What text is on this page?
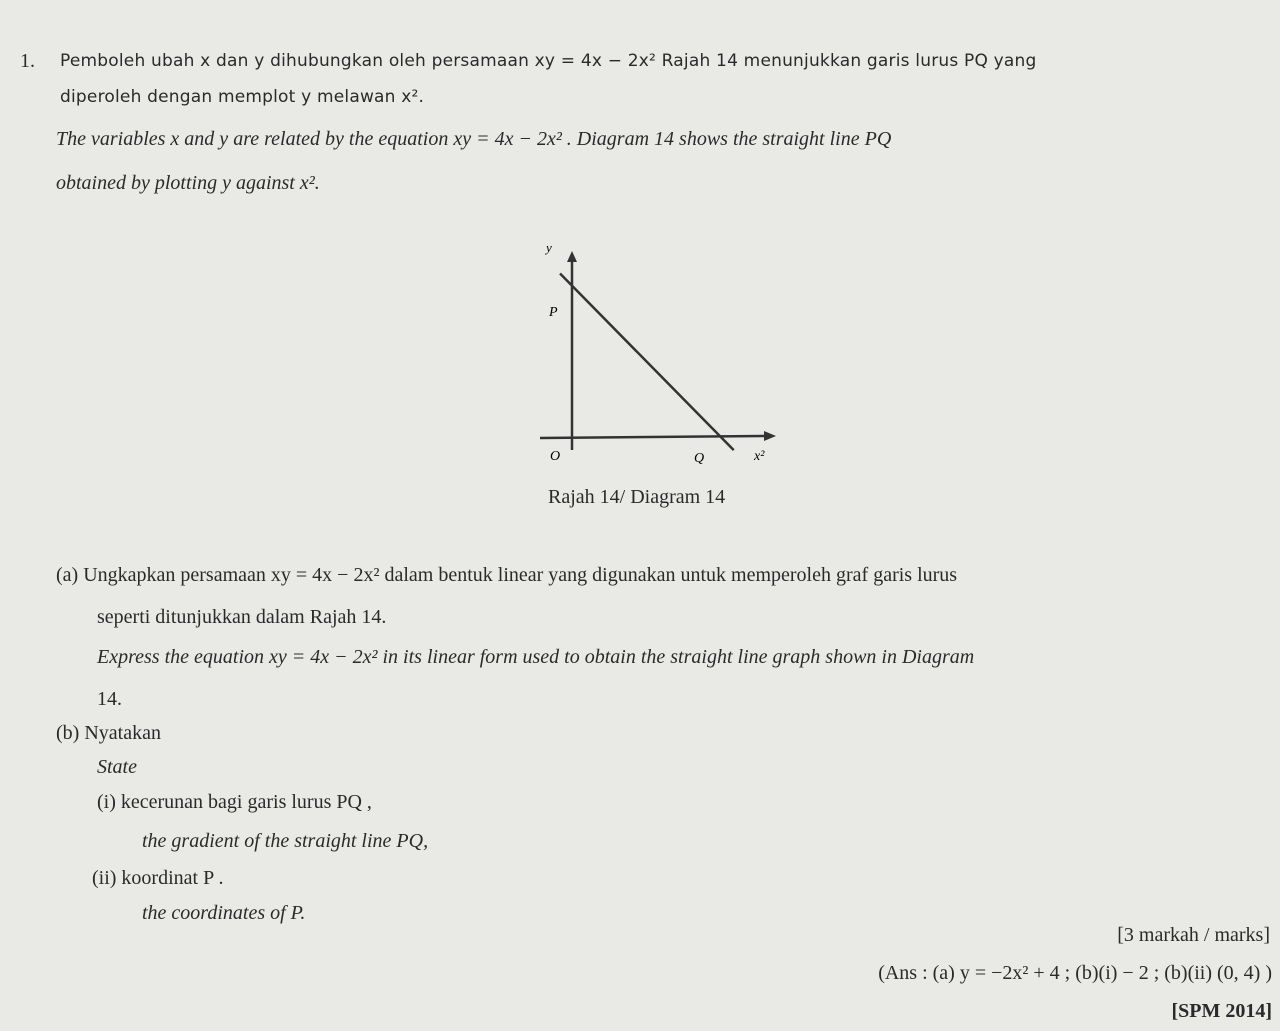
1. Pemboleh ubah x dan y dihubungkan oleh persamaan xy = 4x − 2x² Rajah 14 menunjukkan garis lurus PQ yang
diperoleh dengan memplot y melawan x².
The variables x and y are related by the equation xy = 4x − 2x² . Diagram 14 shows the straight line PQ
obtained by plotting y against x².
y
P
O	Q	x²
Rajah 14/ Diagram 14
(a) Ungkapkan persamaan xy = 4x − 2x² dalam bentuk linear yang digunakan untuk memperoleh graf garis lurus
seperti ditunjukkan dalam Rajah 14.
Express the equation xy = 4x − 2x² in its linear form used to obtain the straight line graph shown in Diagram
14.
(b) Nyatakan
State
(i) kecerunan bagi garis lurus PQ ,
the gradient of the straight line PQ,
(ii) koordinat P .
the coordinates of P.
[3 markah / marks]
(Ans : (a) y = −2x² + 4 ; (b)(i) − 2 ; (b)(ii) (0, 4) )
[SPM 2014]
